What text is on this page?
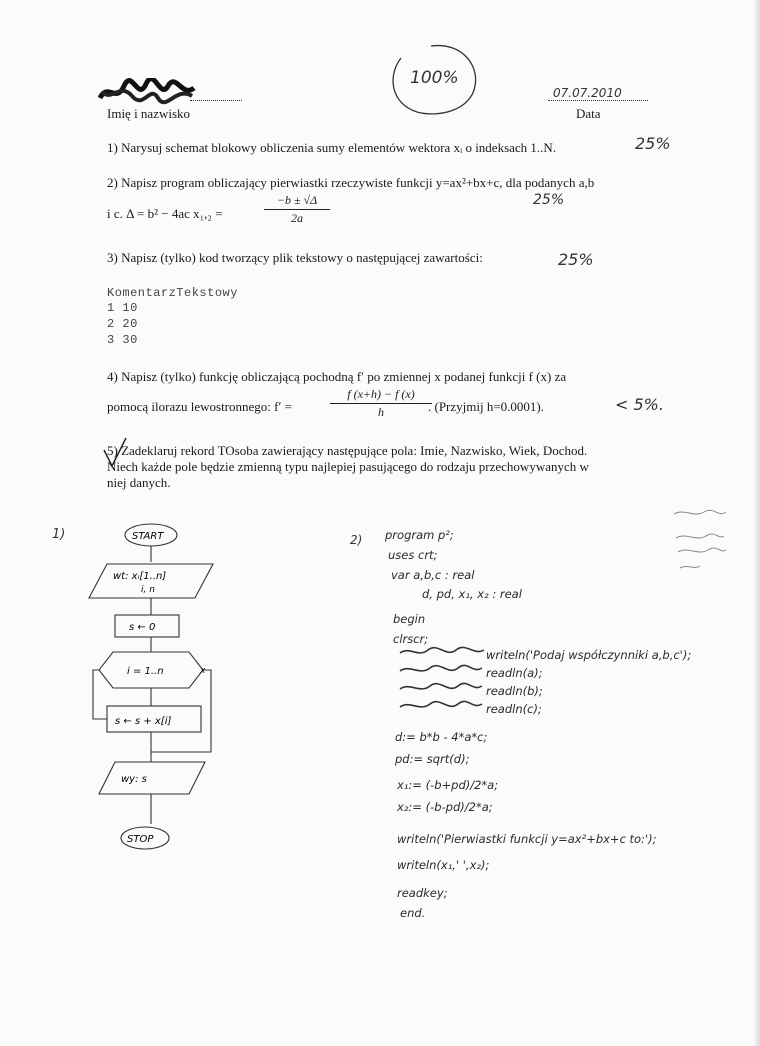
Imię i nazwisko
100%
07.07.2010
Data
1) Narysuj schemat blokowy obliczenia sumy elementów wektora xᵢ o indeksach 1..N.	25%
2) Napisz program obliczający pierwiastki rzeczywiste funkcji y=ax²+bx+c, dla podanych a,b
i c. Δ = b² − 4ac x₁,₂ =
−b ± √Δ
2a
25%
3) Napisz (tylko) kod tworzący plik tekstowy o następującej zawartości:	25%
KomentarzTekstowy
1 10
2 20
3 30
4) Napisz (tylko) funkcję obliczającą pochodną f′ po zmiennej x podanej funkcji f (x) za
pomocą ilorazu lewostronnego: f′ =
f (x+h) − f (x)
h	. (Przyjmij h=0.0001).	< 5%.
5) Zadeklaruj rekord TOsoba zawierający następujące pola: Imie, Nazwisko, Wiek, Dochod.
Niech każde pole będzie zmienną typu najlepiej pasującego do rodzaju przechowywanych w
niej danych.
1)	START
wt: xᵢ[1..n]
i, n
s ← 0
i = 1..n
s ← s + x[i]
wy: s
STOP
x
2) program p²;
uses crt;
var a,b,c : real
d, pd, x₁, x₂ : real
begin
clrscr;
writeln('Podaj współczynniki a,b,c');
readln(a);
readln(b);
readln(c);
d:= b*b - 4*a*c;
pd:= sqrt(d);
x₁:= (-b+pd)/2*a;
x₂:= (-b-pd)/2*a;
writeln('Pierwiastki funkcji y=ax²+bx+c to:');
writeln(x₁,' ',x₂);
readkey;
end.
